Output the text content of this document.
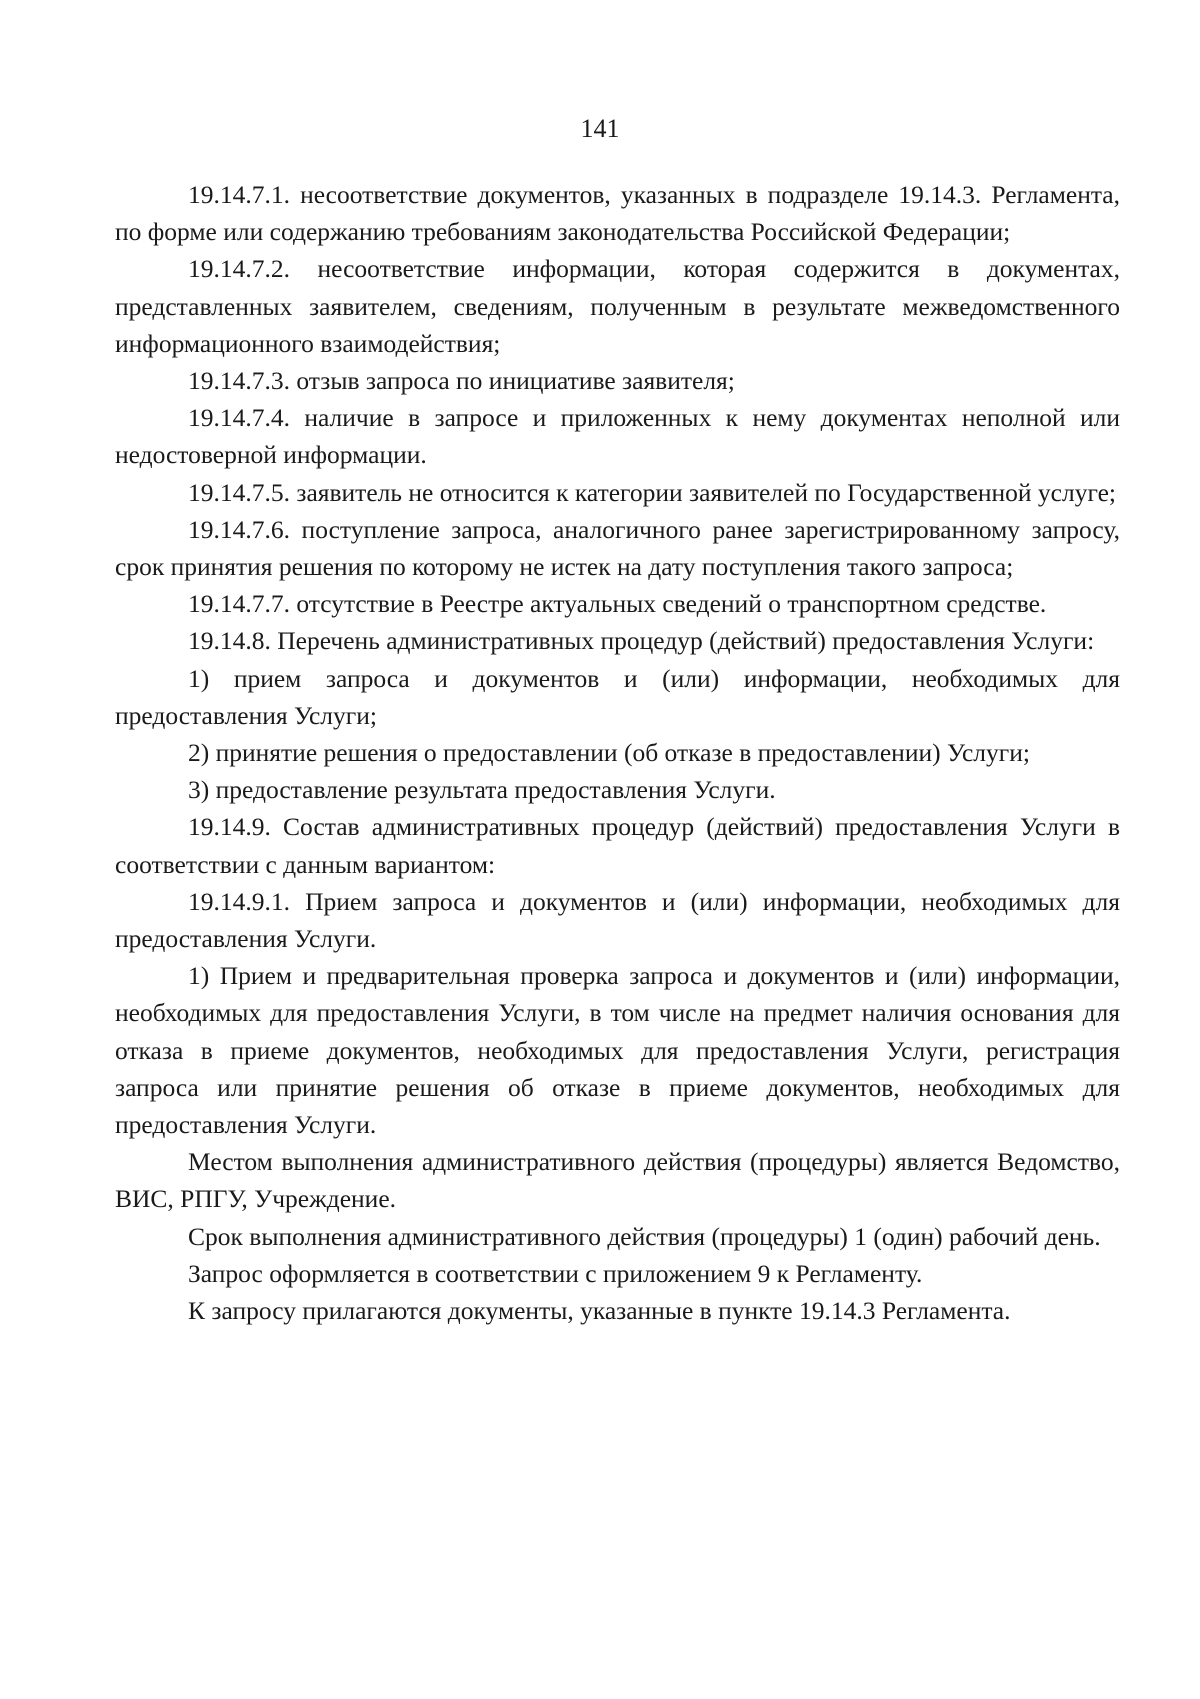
141

19.14.7.1. несоответствие документов, указанных в подразделе 19.14.3. Регламента, по форме или содержанию требованиям законодательства Российской Федерации;

19.14.7.2. несоответствие информации, которая содержится в документах, представленных заявителем, сведениям, полученным в результате межведомственного информационного взаимодействия;

19.14.7.3. отзыв запроса по инициативе заявителя;

19.14.7.4. наличие в запросе и приложенных к нему документах неполной или недостоверной информации.

19.14.7.5. заявитель не относится к категории заявителей по Государственной услуге;

19.14.7.6. поступление запроса, аналогичного ранее зарегистрированному запросу, срок принятия решения по которому не истек на дату поступления такого запроса;

19.14.7.7. отсутствие в Реестре актуальных сведений о транспортном средстве.

19.14.8. Перечень административных процедур (действий) предоставления Услуги:

1) прием запроса и документов и (или) информации, необходимых для предоставления Услуги;

2) принятие решения о предоставлении (об отказе в предоставлении) Услуги;

3) предоставление результата предоставления Услуги.

19.14.9. Состав административных процедур (действий) предоставления Услуги в соответствии с данным вариантом:

19.14.9.1. Прием запроса и документов и (или) информации, необходимых для предоставления Услуги.

1) Прием и предварительная проверка запроса и документов и (или) информации, необходимых для предоставления Услуги, в том числе на предмет наличия основания для отказа в приеме документов, необходимых для предоставления Услуги, регистрация запроса или принятие решения об отказе в приеме документов, необходимых для предоставления Услуги.

Местом выполнения административного действия (процедуры) является Ведомство, ВИС, РПГУ, Учреждение.

Срок выполнения административного действия (процедуры) 1 (один) рабочий день.

Запрос оформляется в соответствии с приложением 9 к Регламенту.

К запросу прилагаются документы, указанные в пункте 19.14.3 Регламента.
